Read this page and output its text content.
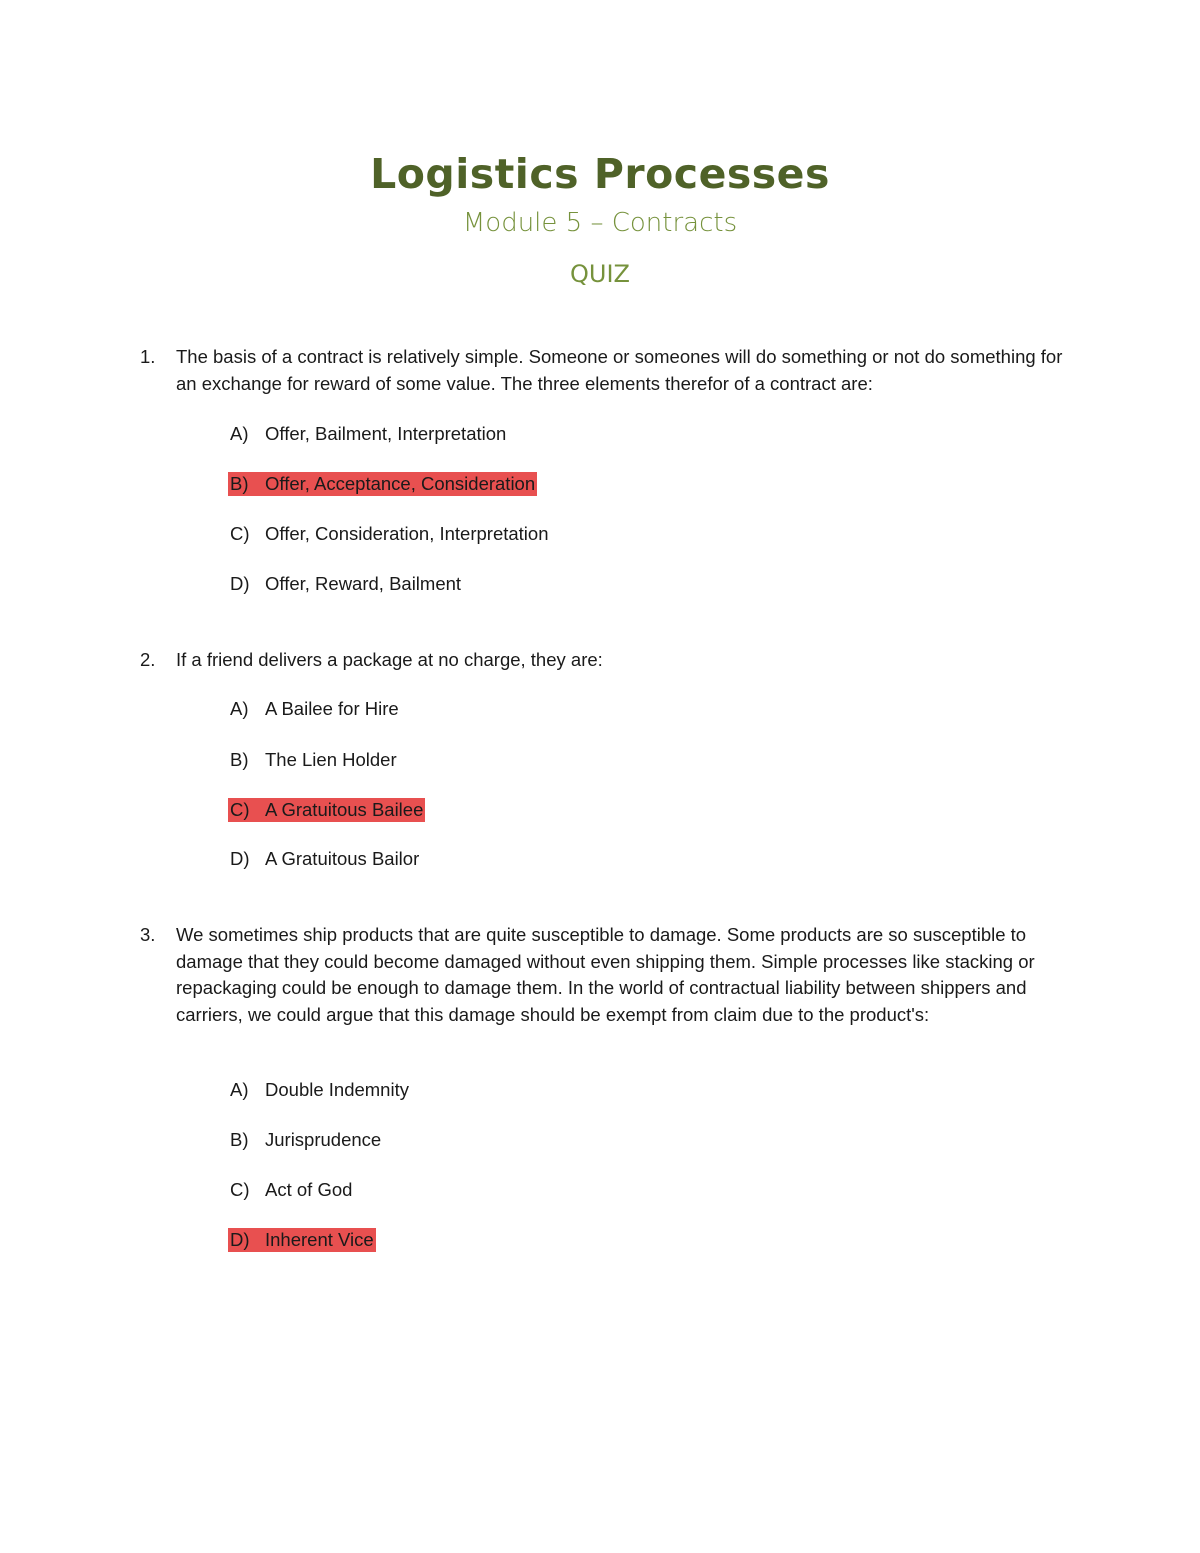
Logistics Processes
Module 5 – Contracts
QUIZ
1.	The basis of a contract is relatively simple. Someone or someones will do something or not do something for an exchange for reward of some value. The three elements therefor of a contract are:
A) Offer, Bailment, Interpretation
B) Offer, Acceptance, Consideration
C) Offer, Consideration, Interpretation
D) Offer, Reward, Bailment
2.	If a friend delivers a package at no charge, they are:
A) A Bailee for Hire
B) The Lien Holder
C) A Gratuitous Bailee
D) A Gratuitous Bailor
3.	We sometimes ship products that are quite susceptible to damage. Some products are so susceptible to damage that they could become damaged without even shipping them. Simple processes like stacking or repackaging could be enough to damage them. In the world of contractual liability between shippers and carriers, we could argue that this damage should be exempt from claim due to the product's:
A) Double Indemnity
B) Jurisprudence
C) Act of God
D) Inherent Vice
